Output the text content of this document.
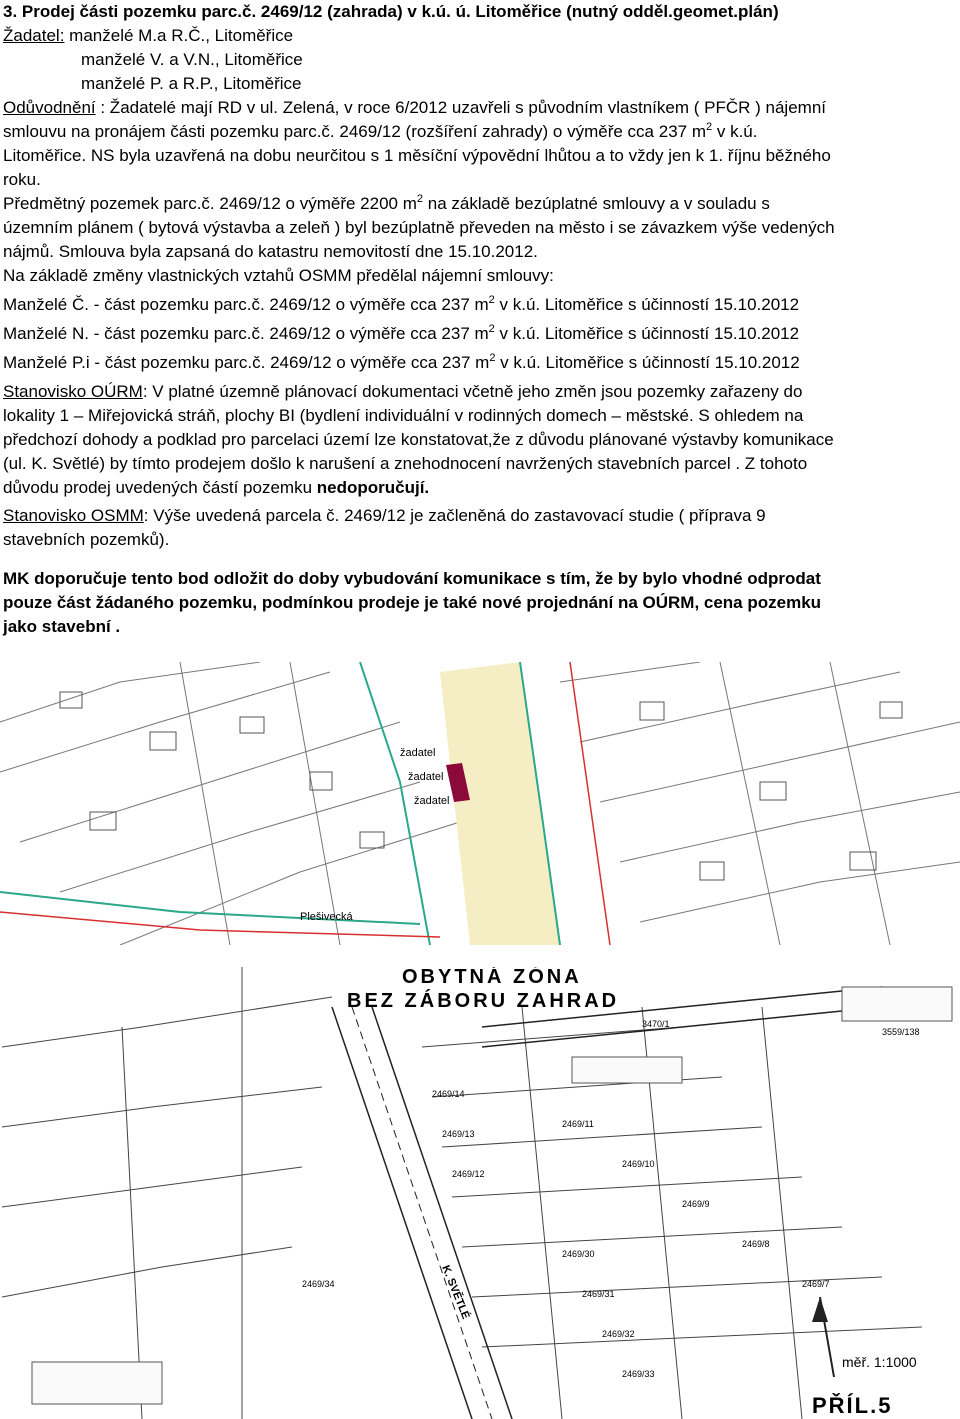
3. Prodej části pozemku parc.č. 2469/12 (zahrada) v k.ú. ú. Litoměřice (nutný odděl.geomet.plán)
Žadatel: manželé M.a R.Č., Litoměřice
manželé V. a V.N., Litoměřice
manželé P. a R.P., Litoměřice
Odůvodnění : Žadatelé mají RD v ul. Zelená, v roce 6/2012 uzavřeli s původním vlastníkem ( PFČR ) nájemní
smlouvu na pronájem části pozemku parc.č. 2469/12 (rozšíření zahrady) o výměře cca 237 $m^2$ v k.ú.
Litoměřice. NS byla uzavřená na dobu neurčitou s 1 měsíční výpovědní lhůtou a to vždy jen k 1. říjnu běžného
roku.
Předmětný pozemek parc.č. 2469/12 o výměře 2200 $m^2$ na základě bezúplatné smlouvy a v souladu s
územním plánem ( bytová výstavba a zeleň ) byl bezúplatně převeden na město i se závazkem výše vedených
nájmů. Smlouva byla zapsaná do katastru nemovitostí dne 15.10.2012.
Na základě změny vlastnických vztahů OSMM předělal nájemní smlouvy:
Manželé Č. - část pozemku parc.č. 2469/12 o výměře cca 237 $m^2$ v k.ú. Litoměřice s účinností 15.10.2012
Manželé N. - část pozemku parc.č. 2469/12 o výměře cca 237 $m^2$ v k.ú. Litoměřice s účinností 15.10.2012
Manželé P.i - část pozemku parc.č. 2469/12 o výměře cca 237 $m^2$ v k.ú. Litoměřice s účinností 15.10.2012
Stanovisko OÚRM: V platné územně plánovací dokumentaci včetně jeho změn jsou pozemky zařazeny do
lokality 1 – Miřejovická stráň, plochy BI (bydlení individuální v rodinných domech – městské. S ohledem na
předchozí dohody a podklad pro parcelaci území lze konstatovat,že z důvodu plánované výstavby komunikace
(ul. K. Světlé) by tímto prodejem došlo k narušení a znehodnocení navržených stavebních parcel . Z tohoto
důvodu prodej uvedených částí pozemku nedoporučují.
Stanovisko OSMM: Výše uvedená parcela č. 2469/12 je začleněná do zastavovací studie ( příprava 9
stavebních pozemků).
MK doporučuje tento bod odložit do doby vybudování komunikace s tím, že by bylo vhodné odprodat
pouze část žádaného pozemku, podmínkou prodeje je také nové projednání na OÚRM, cena pozemku
jako stavební .
žadatel
žadatel
žadatel
Plešivecká
OBYTNÁ ZÓNA
BEZ ZÁBORU ZAHRAD
3470/1
3559/138
2469/14
2469/13
2469/12
2469/11
2469/10
2469/9
2469/8
2469/7
2469/30
2469/31
2469/32
2469/33
2469/34	K. SVĚTLÉ
měř. 1:1000
PŘÍL.5
